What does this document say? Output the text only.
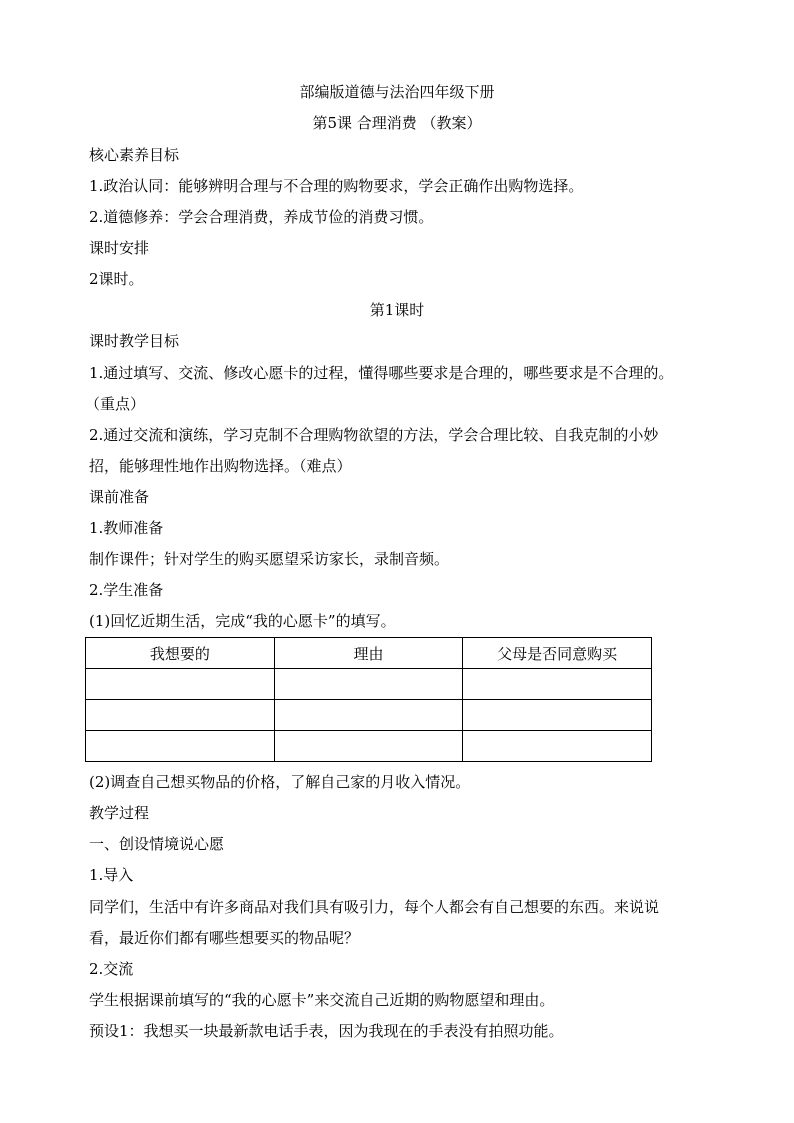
部编版道德与法治四年级下册
第5课 合理消费 （教案）
核心素养目标
1.政治认同：能够辨明合理与不合理的购物要求，学会正确作出购物选择。
2.道德修养：学会合理消费，养成节俭的消费习惯。
课时安排
2课时。
第1课时
课时教学目标
1.通过填写、交流、修改心愿卡的过程，懂得哪些要求是合理的，哪些要求是不合理的。
（重点）
2.通过交流和演练，学习克制不合理购物欲望的方法，学会合理比较、自我克制的小妙
招，能够理性地作出购物选择。（难点）
课前准备
1.教师准备
制作课件；针对学生的购买愿望采访家长，录制音频。
2.学生准备
(1)回忆近期生活，完成“我的心愿卡”的填写。
我想要的	理由	父母是否同意购买

(2)调查自己想买物品的价格，了解自己家的月收入情况。
教学过程
一、创设情境说心愿
1.导入
同学们，生活中有许多商品对我们具有吸引力，每个人都会有自己想要的东西。来说说
看，最近你们都有哪些想要买的物品呢？
2.交流
学生根据课前填写的“我的心愿卡”来交流自己近期的购物愿望和理由。
预设1：我想买一块最新款电话手表，因为我现在的手表没有拍照功能。
